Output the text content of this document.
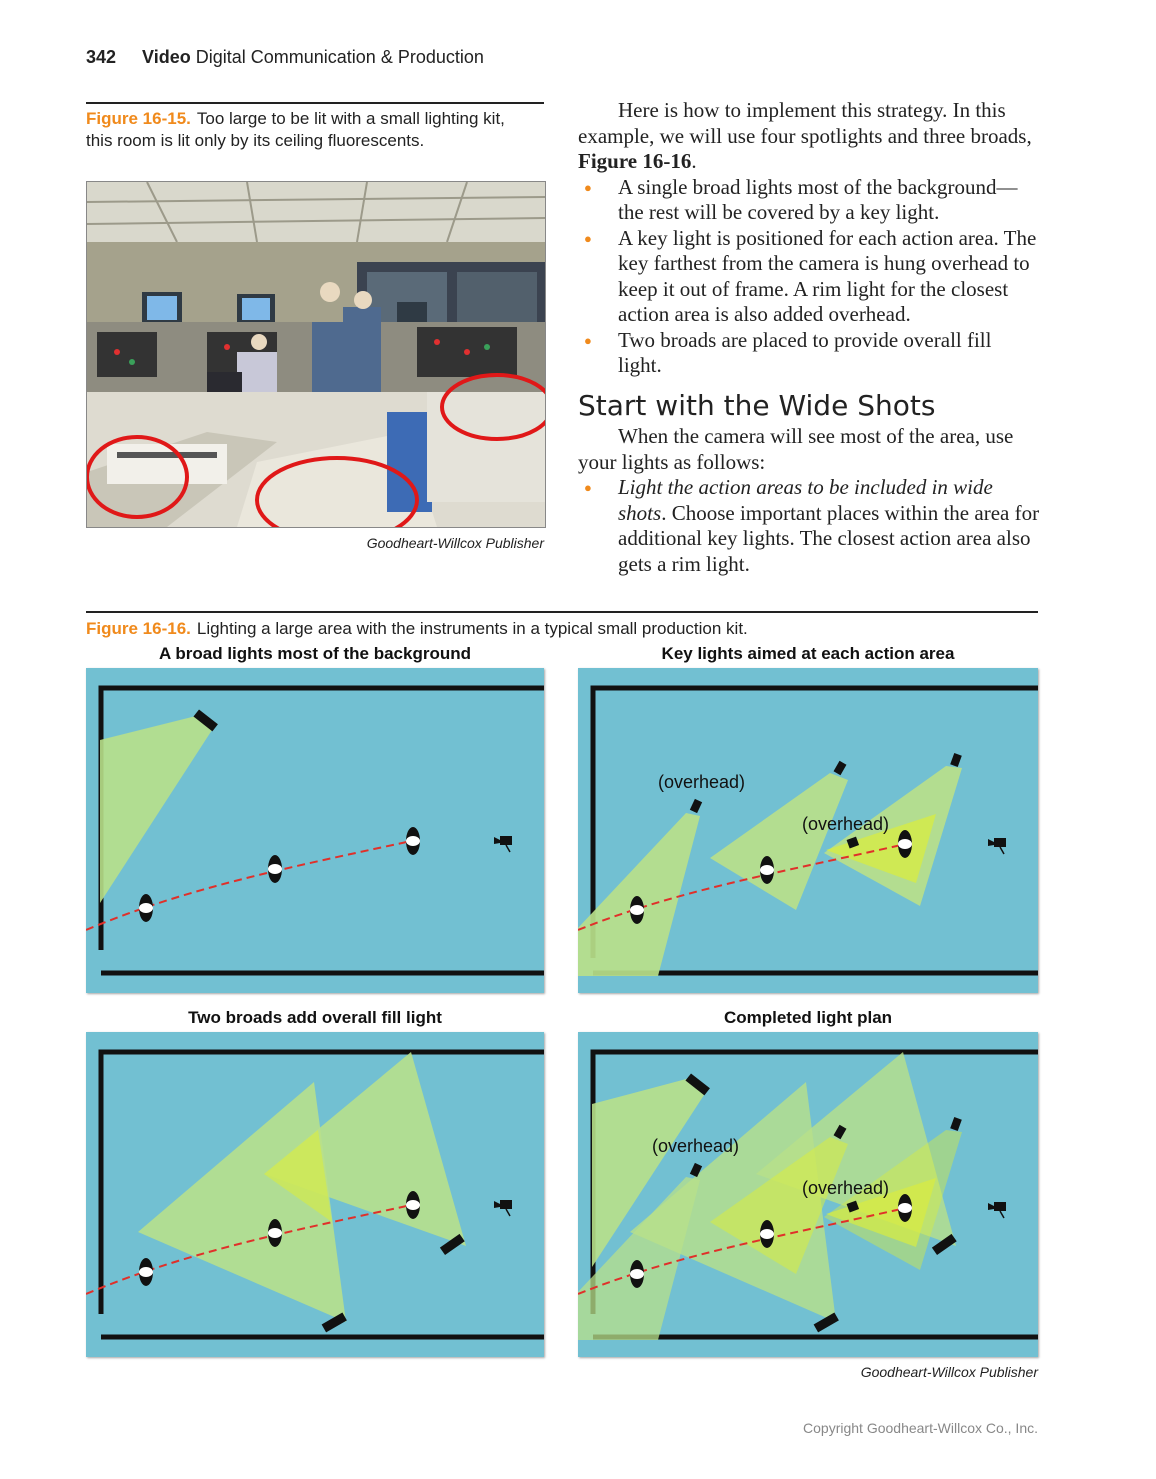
342 Video Digital Communication & Production
Figure 16-15. Too large to be lit with a small lighting kit, this room is lit only by its ceiling fluorescents.
Goodheart-Willcox Publisher

Here is how to implement this strategy. In this example, we will use four spotlights and three broads, Figure 16-16.

● A single broad lights most of the background—the rest will be covered by a key light.
● A key light is positioned for each action area. The key farthest from the camera is hung overhead to keep it out of frame. A rim light for the closest action area is also added overhead.
● Two broads are placed to provide overall fill light.
Start with the Wide Shots

When the camera will see most of the area, use your lights as follows:

● Light the action areas to be included in wide shots. Choose important places within the area for additional key lights. The closest action area also gets a rim light.
Figure 16-16. Lighting a large area with the instruments in a typical small production kit.
A broad lights most of the background	Key lights aimed at each action area
Two broads add overall fill light	Completed light plan
(overhead)
(overhead)
(overhead)
(overhead)
Goodheart-Willcox Publisher
Copyright Goodheart-Willcox Co., Inc.
